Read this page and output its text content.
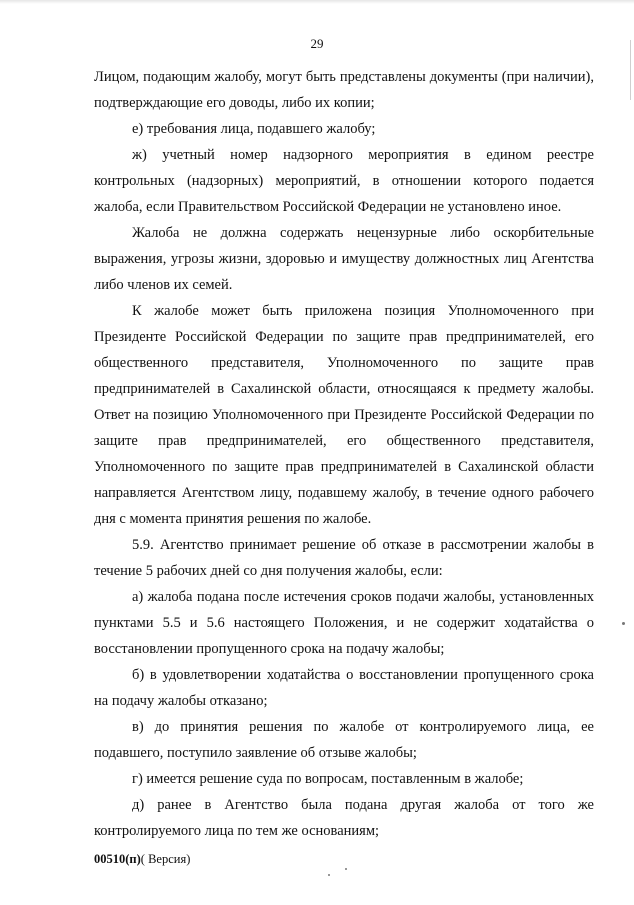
29

Лицом, подающим жалобу, могут быть представлены документы (при наличии), подтверждающие его доводы, либо их копии;

е) требования лица, подавшего жалобу;

ж) учетный номер надзорного мероприятия в едином реестре контрольных (надзорных) мероприятий, в отношении которого подается жалоба, если Правительством Российской Федерации не установлено иное.

Жалоба не должна содержать нецензурные либо оскорбительные выражения, угрозы жизни, здоровью и имуществу должностных лиц Агентства либо членов их семей.

К жалобе может быть приложена позиция Уполномоченного при Президенте Российской Федерации по защите прав предпринимателей, его общественного представителя, Уполномоченного по защите прав предпринимателей в Сахалинской области, относящаяся к предмету жалобы. Ответ на позицию Уполномоченного при Президенте Российской Федерации по защите прав предпринимателей, его общественного представителя, Уполномоченного по защите прав предпринимателей в Сахалинской области направляется Агентством лицу, подавшему жалобу, в течение одного рабочего дня с момента принятия решения по жалобе.

5.9. Агентство принимает решение об отказе в рассмотрении жалобы в течение 5 рабочих дней со дня получения жалобы, если:

а) жалоба подана после истечения сроков подачи жалобы, установленных пунктами 5.5 и 5.6 настоящего Положения, и не содержит ходатайства о восстановлении пропущенного срока на подачу жалобы;

б) в удовлетворении ходатайства о восстановлении пропущенного срока на подачу жалобы отказано;

в) до принятия решения по жалобе от контролируемого лица, ее подавшего, поступило заявление об отзыве жалобы;

г) имеется решение суда по вопросам, поставленным в жалобе;

д) ранее в Агентство была подана другая жалоба от того же контролируемого лица по тем же основаниям;

00510(п)( Версия)
